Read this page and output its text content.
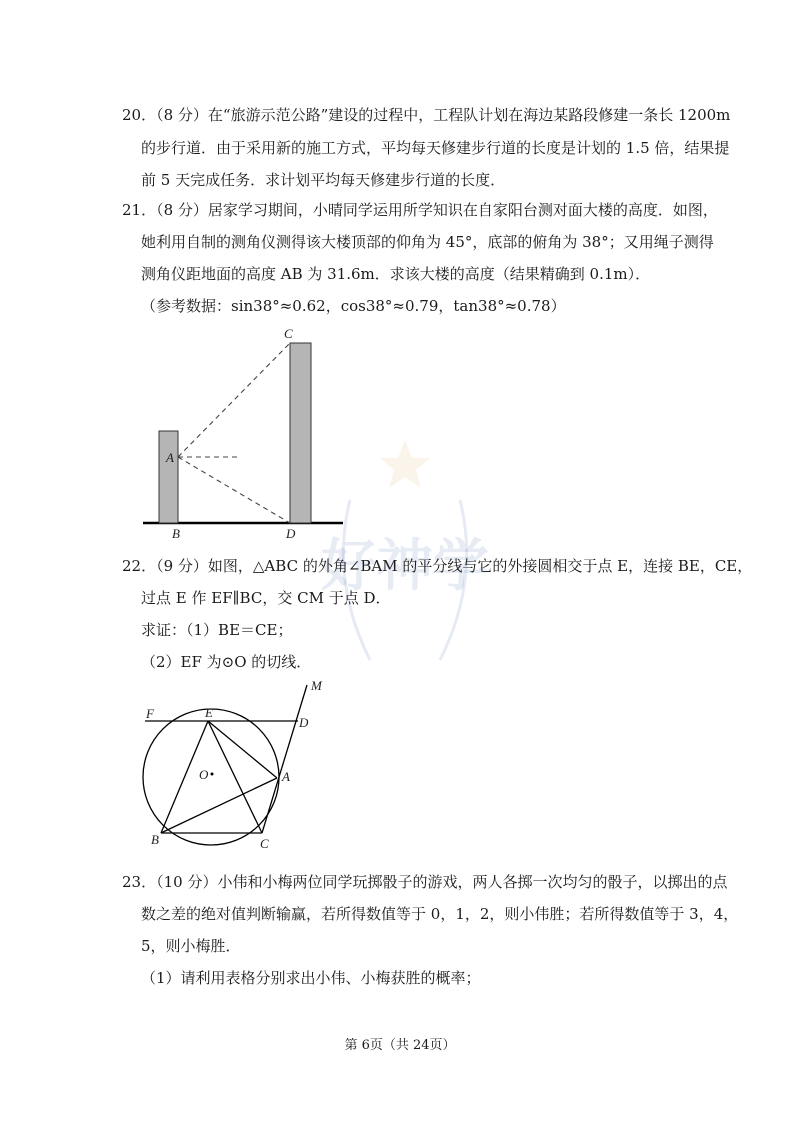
好神学
20．（8 分）在“旅游示范公路”建设的过程中，工程队计划在海边某路段修建一条长 1200m
的步行道．由于采用新的施工方式，平均每天修建步行道的长度是计划的 1.5 倍，结果提
前 5 天完成任务．求计划平均每天修建步行道的长度．
21．（8 分）居家学习期间，小晴同学运用所学知识在自家阳台测对面大楼的高度．如图，
她利用自制的测角仪测得该大楼顶部的仰角为 45°，底部的俯角为 38°；又用绳子测得
测角仪距地面的高度 AB 为 31.6m．求该大楼的高度（结果精确到 0.1m）．
（参考数据：sin38°≈0.62，cos38°≈0.79，tan38°≈0.78）
C
A
B	D
22．（9 分）如图，△ABC 的外角∠BAM 的平分线与它的外接圆相交于点 E，连接 BE，CE，
过点 E 作 EF∥BC，交 CM 于点 D．
求证：（1）BE＝CE；
（2）EF 为⊙O 的切线．
M
F	E
D
A
O
B	C
23．（10 分）小伟和小梅两位同学玩掷骰子的游戏，两人各掷一次均匀的骰子，以掷出的点
数之差的绝对值判断输赢，若所得数值等于 0，1，2，则小伟胜；若所得数值等于 3，4，
5，则小梅胜．
（1）请利用表格分别求出小伟、小梅获胜的概率；
第 6页（共 24页）
